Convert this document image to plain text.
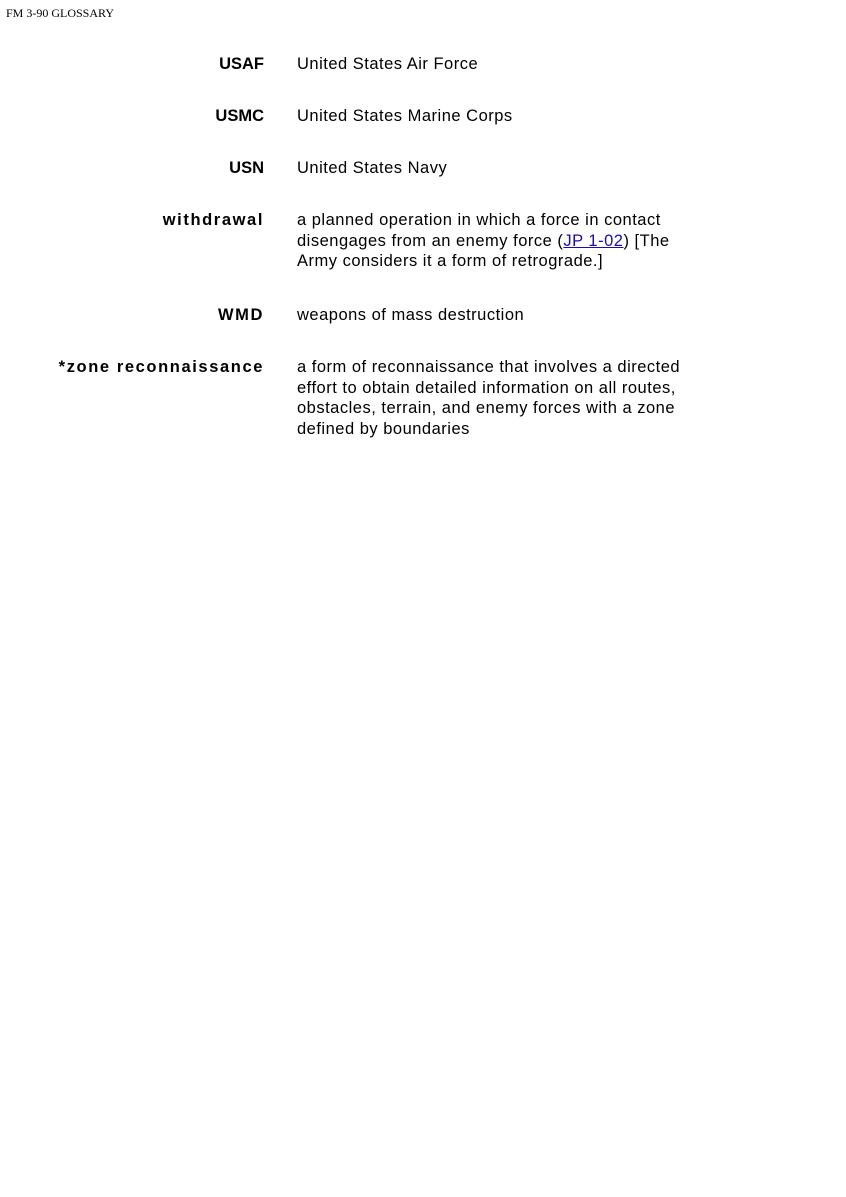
FM 3-90 GLOSSARY
USAF United States Air Force
USMC United States Marine Corps
USN United States Navy
withdrawal a planned operation in which a force in contact
disengages from an enemy force (JP 1-02) [The
Army considers it a form of retrograde.]
WMD weapons of mass destruction
*zone reconnaissance a form of reconnaissance that involves a directed
effort to obtain detailed information on all routes,
obstacles, terrain, and enemy forces with a zone
defined by boundaries
